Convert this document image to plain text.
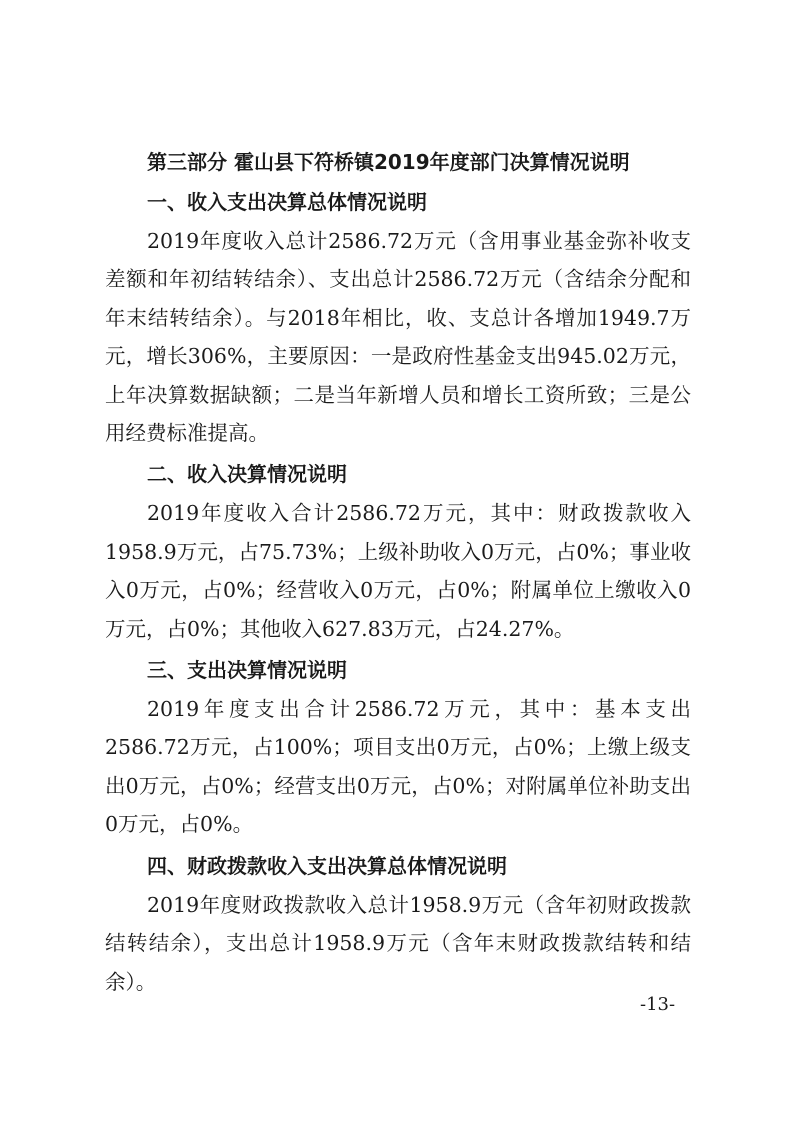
第三部分 霍山县下符桥镇2019年度部门决算情况说明
一、收入支出决算总体情况说明

2019年度收入总计2586.72万元（含用事业基金弥补收支差额和年初结转结余）、支出总计2586.72万元（含结余分配和年末结转结余）。与2018年相比，收、支总计各增加1949.7万元，增长306%，主要原因：一是政府性基金支出945.02万元，上年决算数据缺额；二是当年新增人员和增长工资所致；三是公用经费标准提高。

二、收入决算情况说明

2019年度收入合计2586.72万元，其中：财政拨款收入1958.9万元，占75.73%；上级补助收入0万元，占0%；事业收入0万元，占0%；经营收入0万元，占0%；附属单位上缴收入0万元，占0%；其他收入627.83万元，占24.27%。

三、支出决算情况说明

2019年度支出合计2586.72万元，其中：基本支出2586.72万元，占100%；项目支出0万元，占0%；上缴上级支出0万元，占0%；经营支出0万元，占0%；对附属单位补助支出0万元，占0%。

四、财政拨款收入支出决算总体情况说明

2019年度财政拨款收入总计1958.9万元（含年初财政拨款结转结余），支出总计1958.9万元（含年末财政拨款结转和结余）。

-13-
